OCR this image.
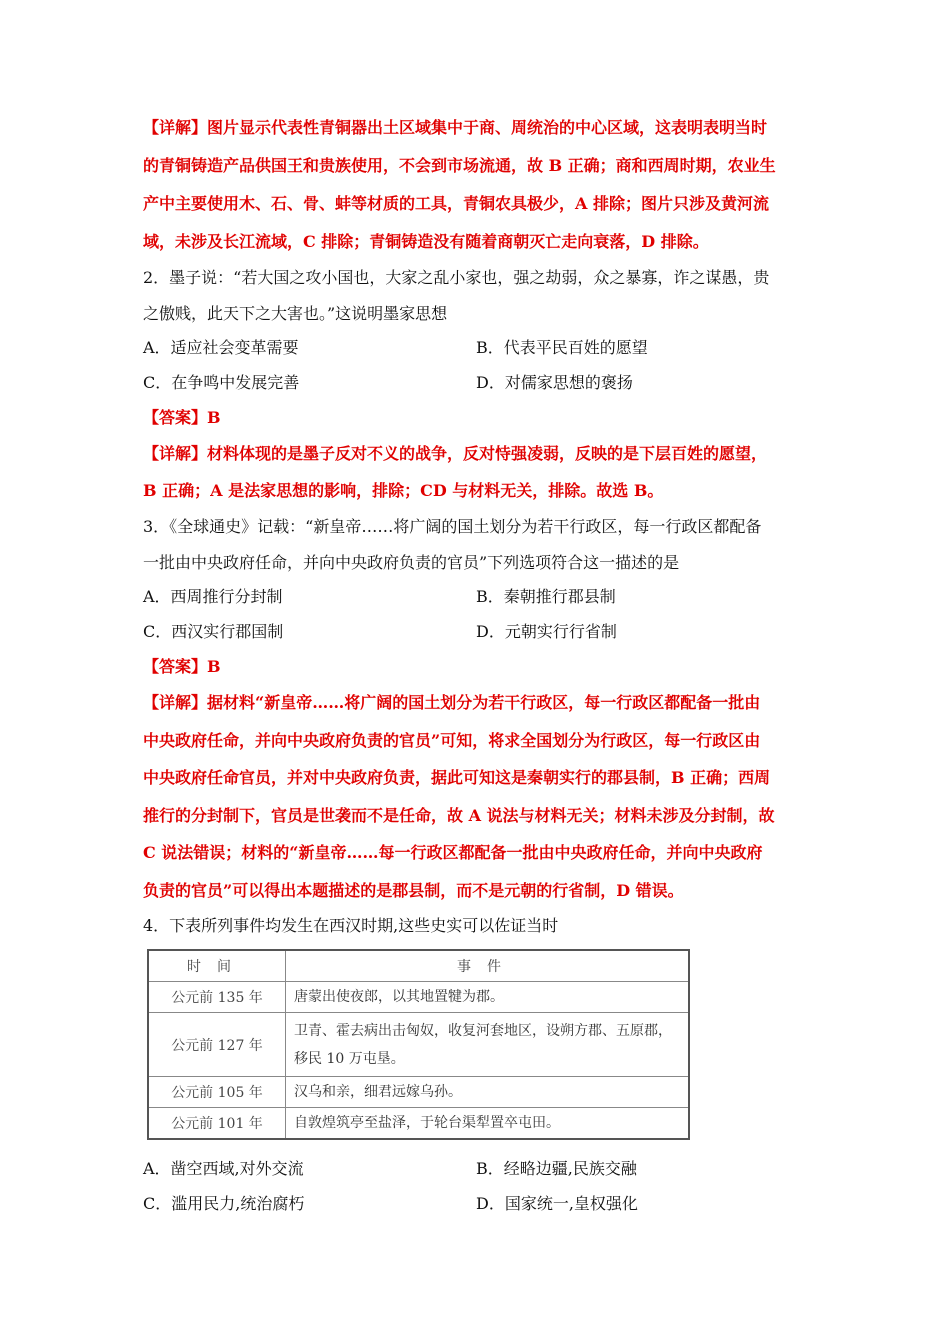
【详解】图片显示代表性青铜器出土区域集中于商、周统治的中心区域，这表明表明当时
的青铜铸造产品供国王和贵族使用，不会到市场流通，故 B 正确；商和西周时期，农业生
产中主要使用木、石、骨、蚌等材质的工具，青铜农具极少，A 排除；图片只涉及黄河流
域，未涉及长江流域，C 排除；青铜铸造没有随着商朝灭亡走向衰落，D 排除。
2．墨子说：“若大国之攻小国也，大家之乱小家也，强之劫弱，众之暴寡，诈之谋愚，贵
之傲贱，此天下之大害也。”这说明墨家思想
A．适应社会变革需要	B．代表平民百姓的愿望
C．在争鸣中发展完善	D．对儒家思想的褒扬
【答案】B
【详解】材料体现的是墨子反对不义的战争，反对恃强凌弱，反映的是下层百姓的愿望，
B 正确；A 是法家思想的影响，排除；CD 与材料无关，排除。故选 B。
3．《全球通史》记载：“新皇帝……将广阔的国土划分为若干行政区，每一行政区都配备
一批由中央政府任命，并向中央政府负责的官员”下列选项符合这一描述的是
A．西周推行分封制	B．秦朝推行郡县制
C．西汉实行郡国制	D．元朝实行行省制
【答案】B
【详解】据材料“新皇帝……将广阔的国土划分为若干行政区，每一行政区都配备一批由
中央政府任命，并向中央政府负责的官员”可知，将求全国划分为行政区，每一行政区由
中央政府任命官员，并对中央政府负责，据此可知这是秦朝实行的郡县制，B 正确；西周
推行的分封制下，官员是世袭而不是任命，故 A 说法与材料无关；材料未涉及分封制，故
C 说法错误；材料的“新皇帝……每一行政区都配备一批由中央政府任命，并向中央政府
负责的官员”可以得出本题描述的是郡县制，而不是元朝的行省制，D 错误。
4．下表所列事件均发生在西汉时期,这些史实可以佐证当时
时间	事件
公元前 135 年	唐蒙出使夜郎，以其地置犍为郡。
公元前 127 年	卫青、霍去病出击匈奴，收复河套地区，设朔方郡、五原郡，移民 10 万屯垦。
公元前 105 年	汉乌和亲，细君远嫁乌孙。
公元前 101 年	自敦煌筑亭至盐泽，于轮台渠犁置卒屯田。
A．凿空西域,对外交流	B．经略边疆,民族交融
C．滥用民力,统治腐朽	D．国家统一,皇权强化
